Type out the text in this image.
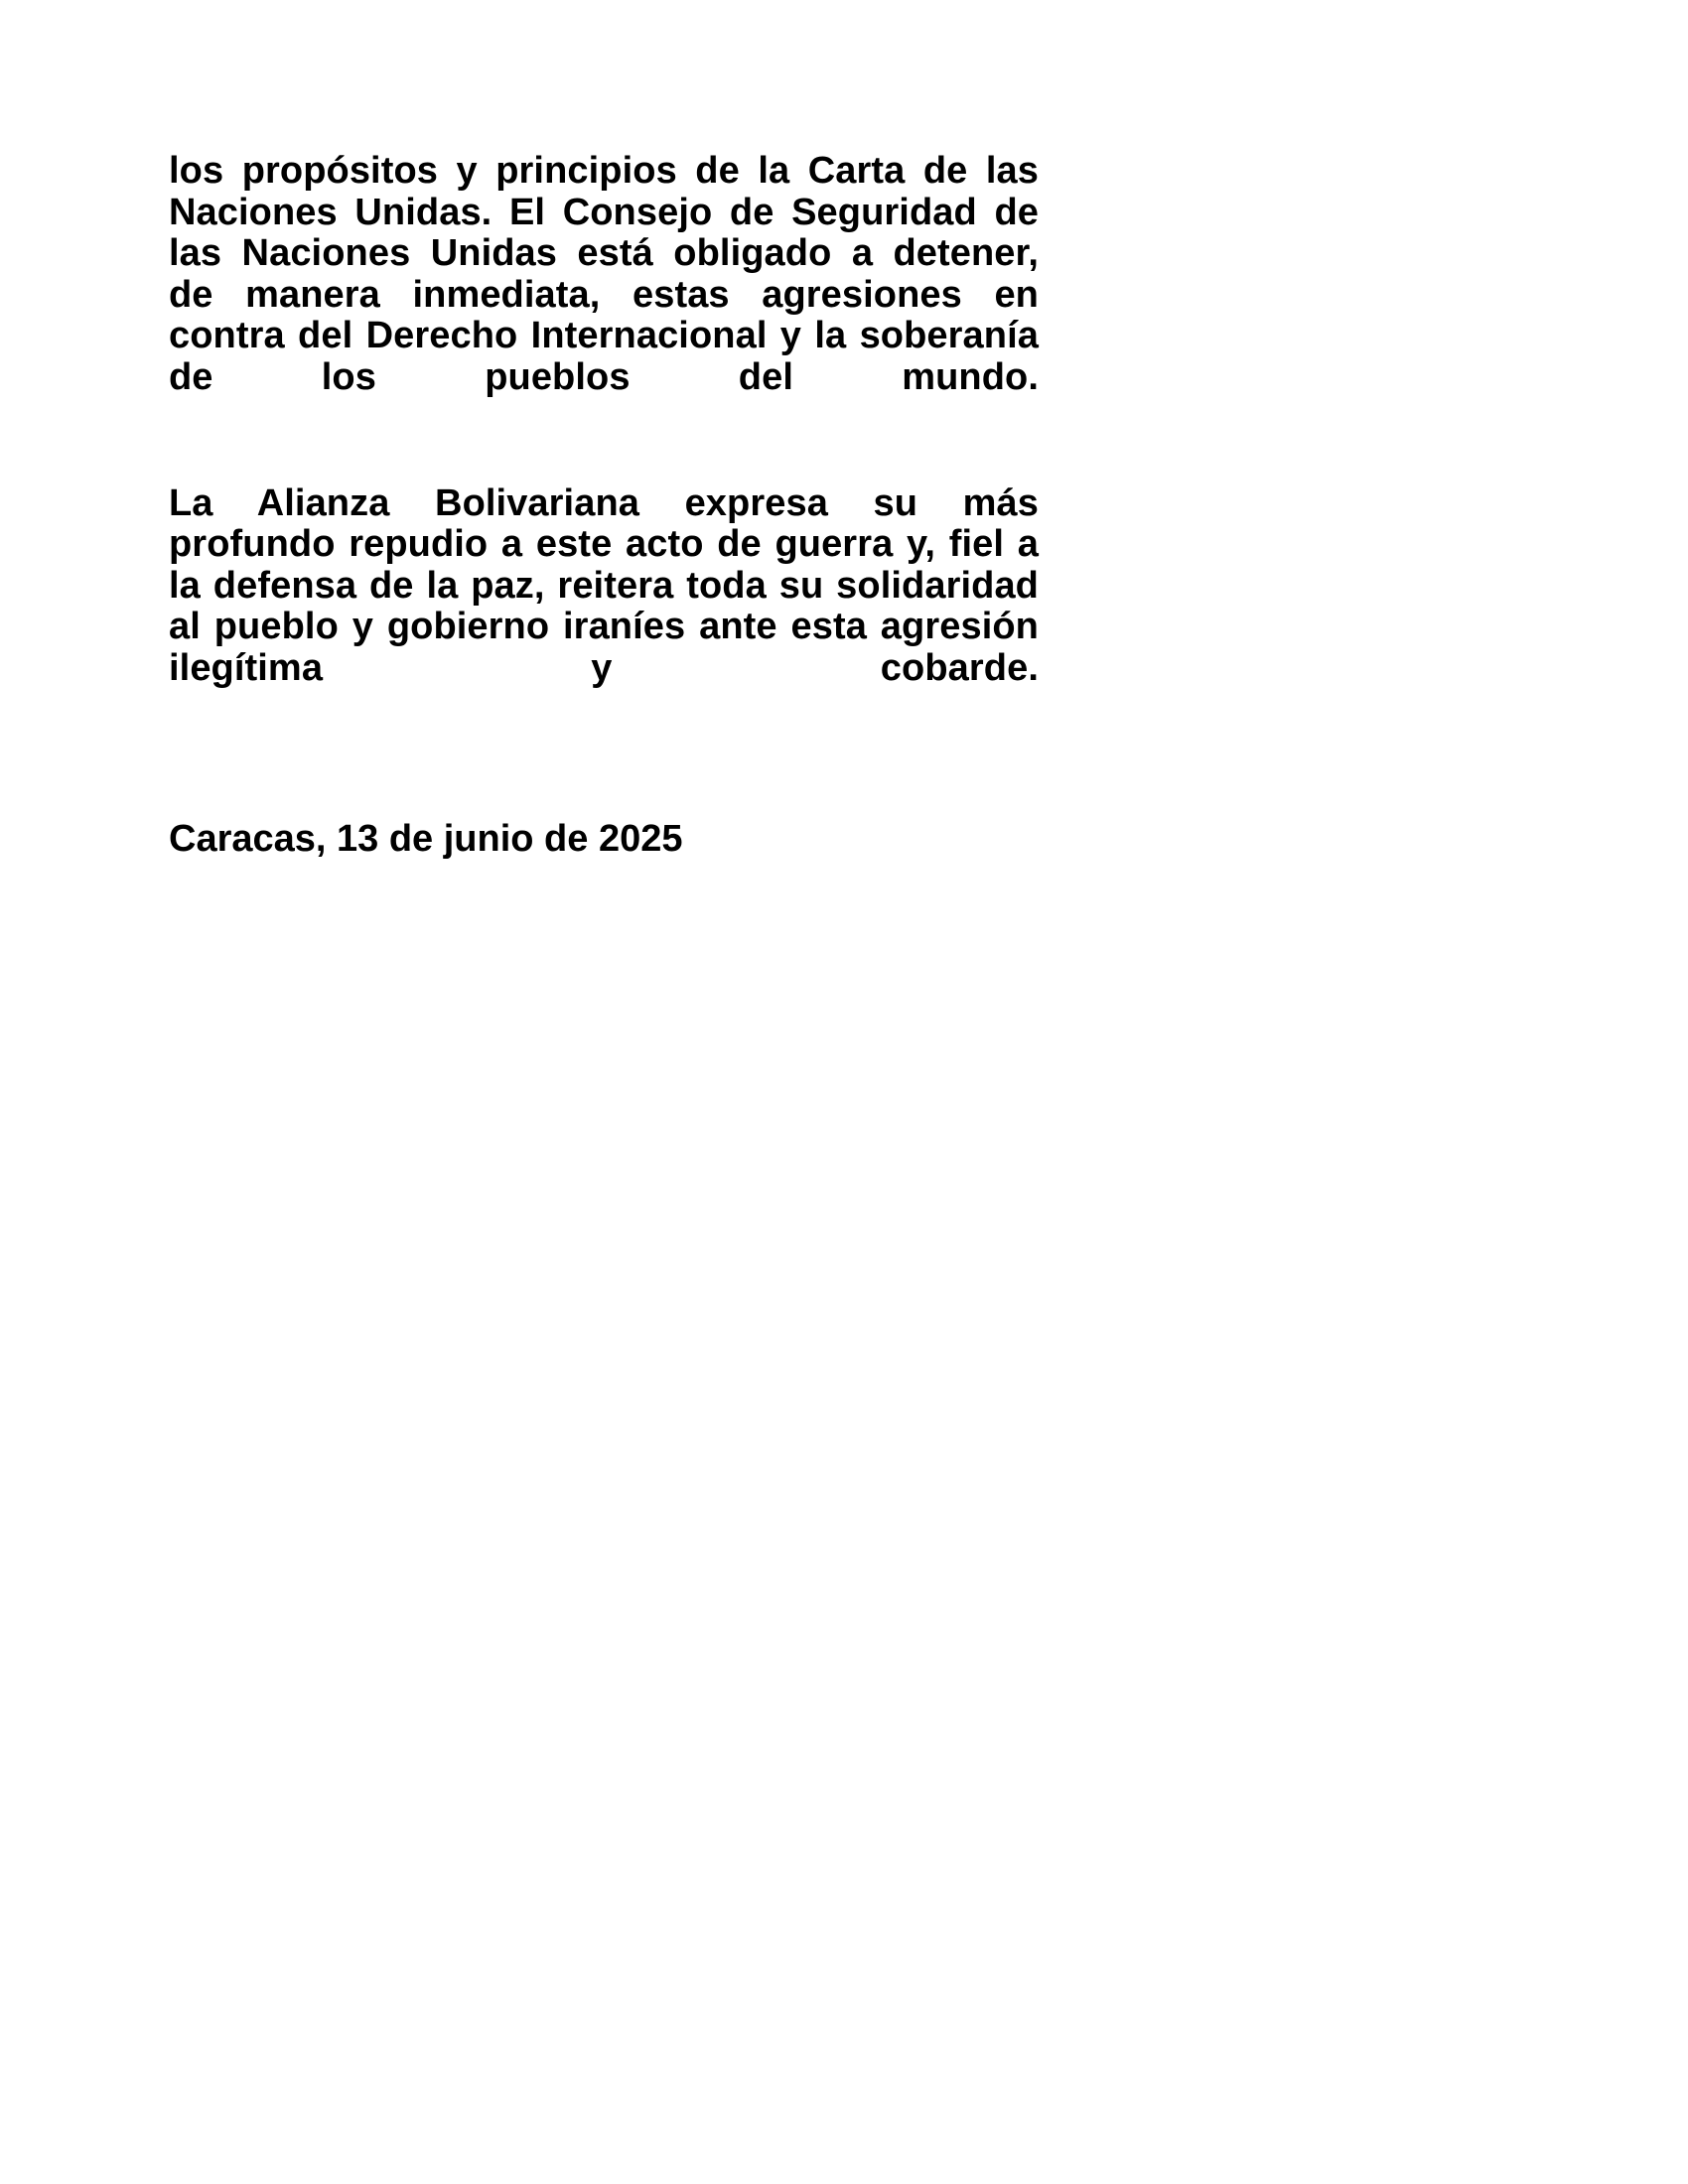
los propósitos y principios de la Carta de las Naciones Unidas. El Consejo de Seguridad de las Naciones Unidas está obligado a detener, de manera inmediata, estas agresiones en contra del Derecho Internacional y la soberanía de los pueblos del mundo.

La Alianza Bolivariana expresa su más profundo repudio a este acto de guerra y, fiel a la defensa de la paz, reitera toda su solidaridad al pueblo y gobierno iraníes ante esta agresión ilegítima y cobarde.

Caracas, 13 de junio de 2025
